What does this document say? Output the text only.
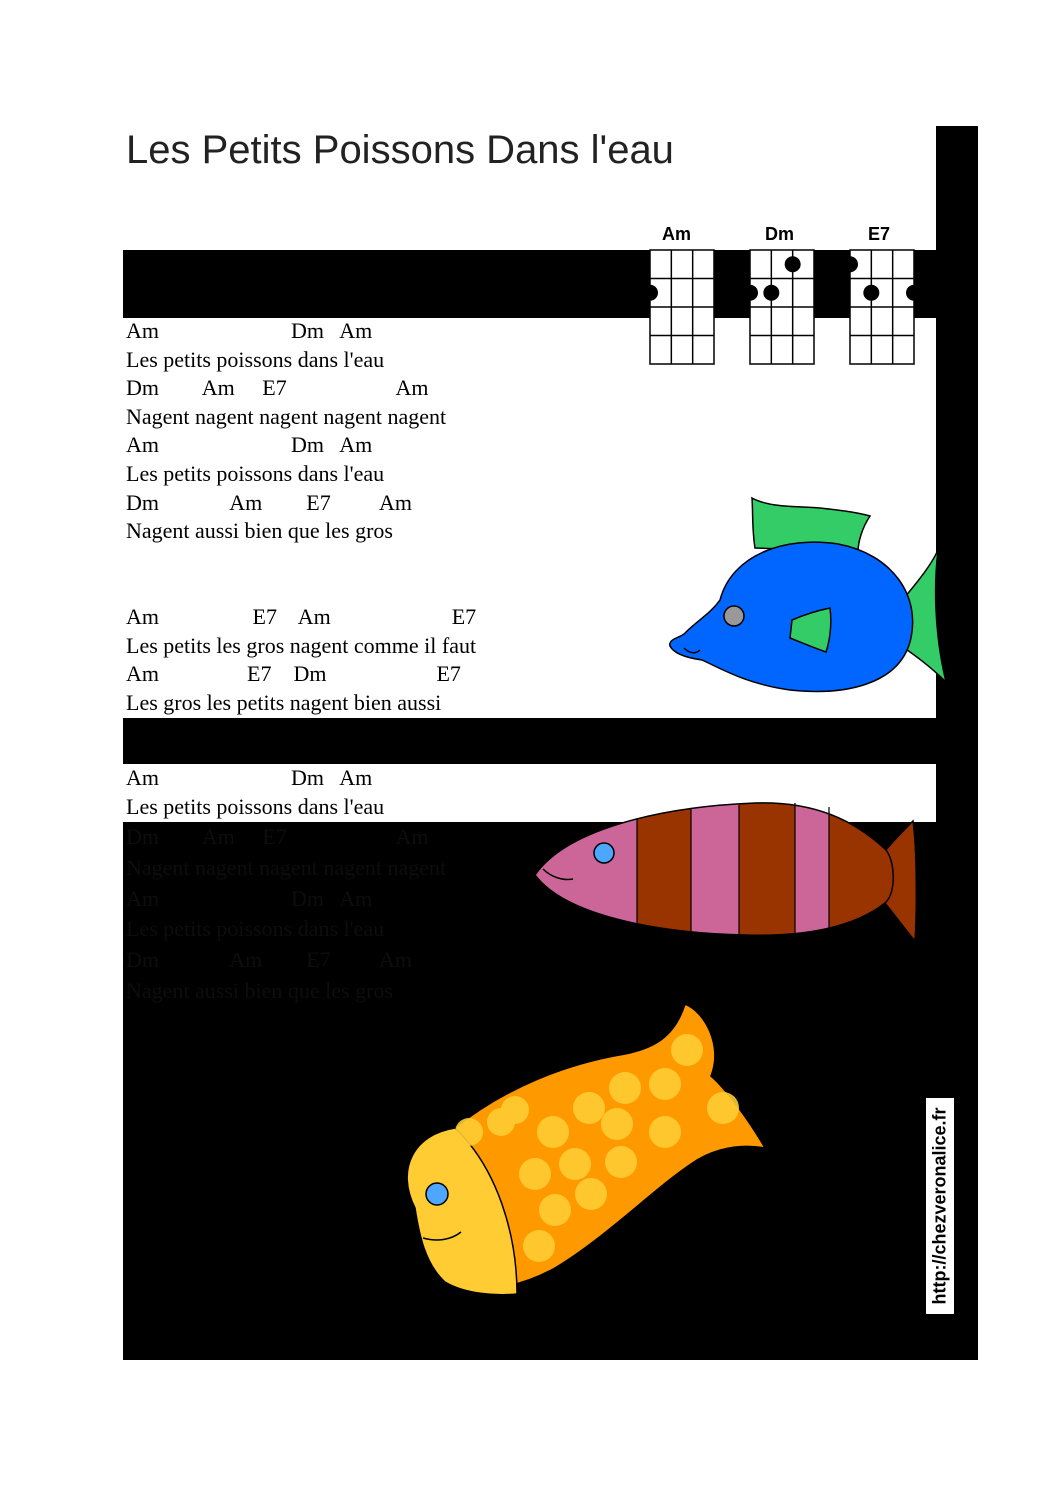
Les Petits Poissons Dans l'eau
Am	Dm	E7
Am                        Dm   Am
Les petits poissons dans l'eau
Dm        Am     E7                    Am
Nagent nagent nagent nagent nagent
Am                        Dm   Am
Les petits poissons dans l'eau
Dm             Am        E7         Am
Nagent aussi bien que les gros
Am                 E7    Am                      E7
Les petits les gros nagent comme il faut
Am                E7    Dm                    E7
Les gros les petits nagent bien aussi
Am                        Dm   Am
Les petits poissons dans l'eau
Dm        Am     E7                    Am
Nagent nagent nagent nagent nagent
Am                        Dm   Am
Les petits poissons dans l'eau
Dm             Am        E7         Am
Nagent aussi bien que les gros
http://chezveronalice.fr
